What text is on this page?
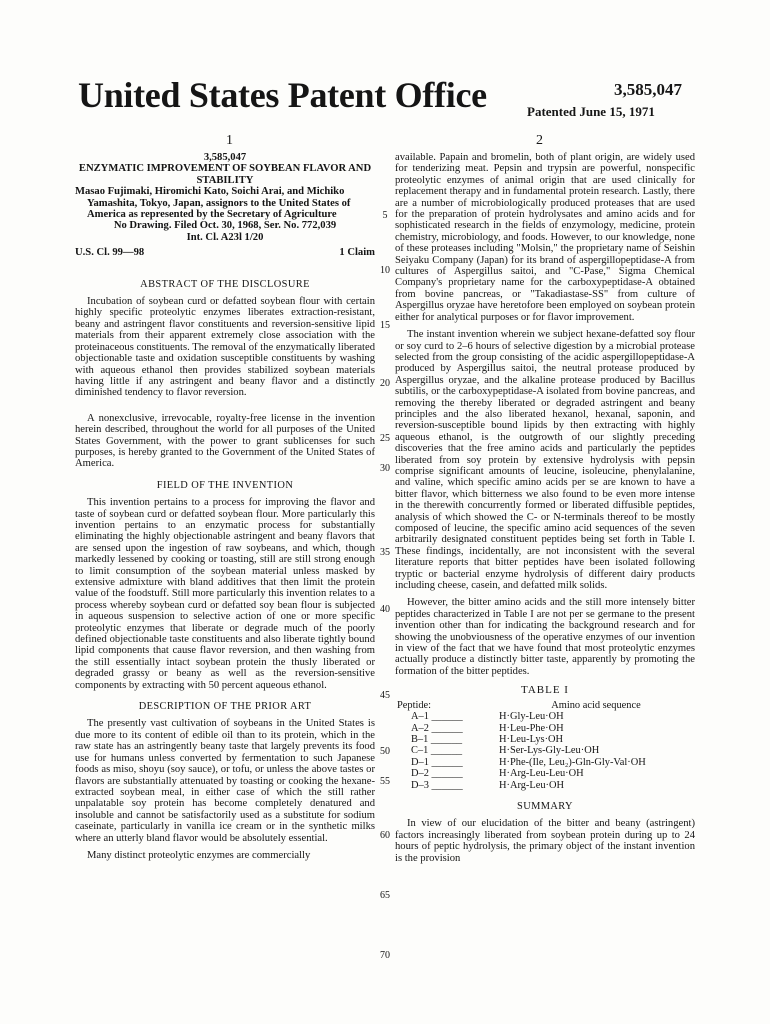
United States Patent Office	3,585,047
Patented June 15, 1971
1	2
3,585,047
ENZYMATIC IMPROVEMENT OF SOYBEAN FLAVOR AND STABILITY
Masao Fujimaki, Hiromichi Kato, Soichi Arai, and Michiko Yamashita, Tokyo, Japan, assignors to the United States of America as represented by the Secretary of Agriculture
No Drawing. Filed Oct. 30, 1968, Ser. No. 772,039
Int. Cl. A23l 1/20
U.S. Cl. 99—98	1 Claim
ABSTRACT OF THE DISCLOSURE

Incubation of soybean curd or defatted soybean flour with certain highly specific proteolytic enzymes liberates extraction-resistant, beany and astringent flavor constituents and reversion-sensitive lipid materials from their apparent extremely close association with the proteinaceous constituents. The removal of the enzymatically liberated objectionable taste and oxidation susceptible constituents by washing with aqueous ethanol then provides stabilized soybean materials having little if any astringent and beany flavor and a distinctly diminished tendency to flavor reversion.

A nonexclusive, irrevocable, royalty-free license in the invention herein described, throughout the world for all purposes of the United States Government, with the power to grant sublicenses for such purposes, is hereby granted to the Government of the United States of America.

FIELD OF THE INVENTION

This invention pertains to a process for improving the flavor and taste of soybean curd or defatted soybean flour. More particularly this invention pertains to an enzymatic process for substantially eliminating the highly objectionable astringent and beany flavors that are sensed upon the ingestion of raw soybeans, and which, though markedly lessened by cooking or toasting, still are still strong enough to limit consumption of the soybean material unless masked by extensive admixture with bland additives that then limit the protein value of the foodstuff. Still more particularly this invention relates to a process whereby soybean curd or defatted soy bean flour is subjected in aqueous suspension to selective action of one or more specific proteolytic enzymes that liberate or degrade much of the poorly defined objectionable taste constituents and also liberate tightly bound lipid components that cause flavor reversion, and then washing from the still essentially intact soybean protein the thusly liberated or degraded grassy or beany as well as the reversion-sensitive components by extracting with 50 percent aqueous ethanol.

DESCRIPTION OF THE PRIOR ART

The presently vast cultivation of soybeans in the United States is due more to its content of edible oil than to its protein, which in the raw state has an astringently beany taste that largely prevents its food use for humans unless converted by fermentation to such Japanese foods as miso, shoyu (soy sauce), or tofu, or unless the above tastes or flavors are substantially attenuated by toasting or cooking the hexane-extracted soybean meal, in either case of which the still rather unpalatable soy protein has become completely denatured and insoluble and cannot be satisfactorily used as a substitute for sodium caseinate, particularly in vanilla ice cream or in the synthetic milks where an utterly bland flavor would be absolutely essential.

Many distinct proteolytic enzymes are commercially

5
10
15
20
25
30
35
40
45
50
55
60
65
70

available. Papain and bromelin, both of plant origin, are widely used for tenderizing meat. Pepsin and trypsin are powerful, nonspecific proteolytic enzymes of animal origin that are used clinically for replacement therapy and in fundamental protein research. Lastly, there are a number of microbiologically produced proteases that are used for the preparation of protein hydrolysates and amino acids and for sophisticated research in the fields of enzymology, medicine, protein chemistry, microbiology, and foods. However, to our knowledge, none of these proteases including "Molsin," the proprietary name of Seishin Seiyaku Company (Japan) for its brand of aspergillopeptidase-A from cultures of Aspergillus saitoi, and "C-Pase," Sigma Chemical Company's proprietary name for the carboxypeptidase-A obtained from bovine pancreas, or "Takadiastase-SS" from culture of Aspergillus oryzae have heretofore been employed on soybean protein either for analytical purposes or for flavor improvement.

The instant invention wherein we subject hexane-defatted soy flour or soy curd to 2–6 hours of selective digestion by a microbial protease selected from the group consisting of the acidic aspergillopeptidase-A produced by Aspergillus saitoi, the neutral protease produced by Aspergillus oryzae, and the alkaline protease produced by Bacillus subtilis, or the carboxypeptidase-A isolated from bovine pancreas, and removing the thereby liberated or degraded astringent and beany principles and the also liberated hexanol, hexanal, saponin, and reversion-susceptible bound lipids by then extracting with highly aqueous ethanol, is the outgrowth of our slightly preceding discoveries that the free amino acids and particularly the peptides liberated from soy protein by extensive hydrolysis with pepsin comprise significant amounts of leucine, isoleucine, phenylalanine, and valine, which specific amino acids per se are known to have a bitter flavor, which bitterness we also found to be even more intense in the therewith concurrently formed or liberated diffusible peptides, analysis of which showed the C- or N-terminals thereof to be mostly composed of leucine, the specific amino acid sequences of the seven arbitrarily designated constituent peptides being set forth in Table I. These findings, incidentally, are not inconsistent with the several literature reports that bitter peptides have been isolated following tryptic or bacterial enzyme hydrolysis of different dairy products including cheese, casein, and defatted milk solids.

However, the bitter amino acids and the still more intensely bitter peptides characterized in Table I are not per se germane to the present invention other than for indicating the background research and for showing the unobviousness of the operative enzymes of our invention in view of the fact that we have found that most proteolytic enzymes actually produce a distinctly bitter taste, apparently by promoting the formation of the bitter peptides.

TABLE I
Peptide:	Amino acid sequence
A–1 ______	H·Gly-Leu·OH
A–2 ______	H·Leu-Phe·OH
B–1 ______	H·Leu-Lys·OH
C–1 ______	H·Ser-Lys-Gly-Leu·OH
D–1 ______	H·Phe-(Ile, Leu₂)-Gln-Gly-Val·OH
D–2 ______	H·Arg-Leu-Leu·OH
D–3 ______	H·Arg-Leu·OH
SUMMARY

In view of our elucidation of the bitter and beany (astringent) factors increasingly liberated from soybean protein during up to 24 hours of peptic hydrolysis, the primary object of the instant invention is the provision
